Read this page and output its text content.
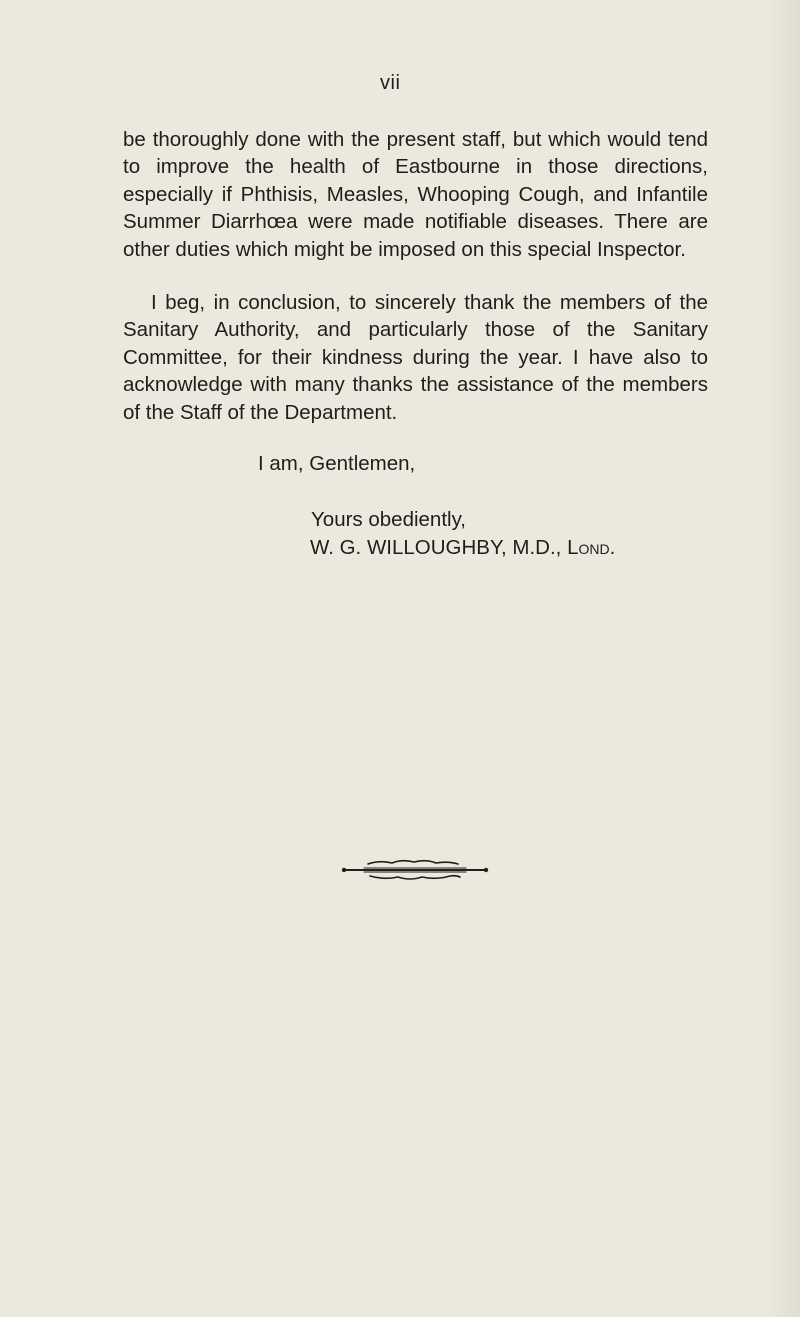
vii

be thoroughly done with the present staff, but which would tend to improve the health of Eastbourne in those directions, especially if Phthisis, Measles, Whooping Cough, and Infantile Summer Diarrhœa were made notifiable diseases. There are other duties which might be imposed on this special Inspector.

I beg, in conclusion, to sincerely thank the members of the Sanitary Authority, and particularly those of the Sanitary Committee, for their kindness during the year. I have also to acknowledge with many thanks the assistance of the members of the Staff of the Department.

I am, Gentlemen,

Yours obediently,

W. G. WILLOUGHBY, M.D., Lond.
